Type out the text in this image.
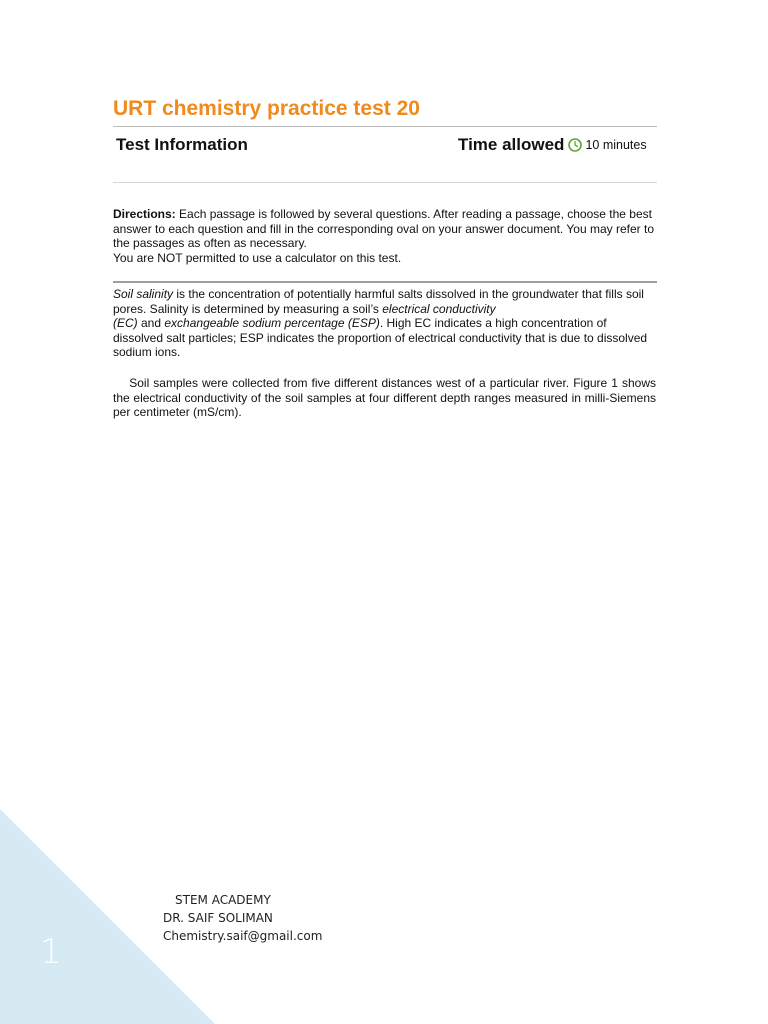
URT chemistry practice test 20
Test Information	Time allowed 10 minutes
Directions: Each passage is followed by several questions. After reading a passage, choose the best answer to each question and fill in the corresponding oval on your answer document. You may refer to the passages as often as necessary.
You are NOT permitted to use a calculator on this test.
Soil salinity is the concentration of potentially harmful salts dissolved in the groundwater that fills soil pores. Salinity is determined by measuring a soil’s electrical conductivity
(EC) and exchangeable sodium percentage (ESP). High EC indicates a high concentration of dissolved salt particles; ESP indicates the proportion of electrical conductivity that is due to dissolved sodium ions.
Soil samples were collected from five different distances west of a particular river. Figure 1 shows the electrical conductivity of the soil samples at four different depth ranges measured in milli-Siemens per centimeter (mS/cm).
1
STEM ACADEMY
DR. SAIF SOLIMAN
Chemistry.saif@gmail.com
